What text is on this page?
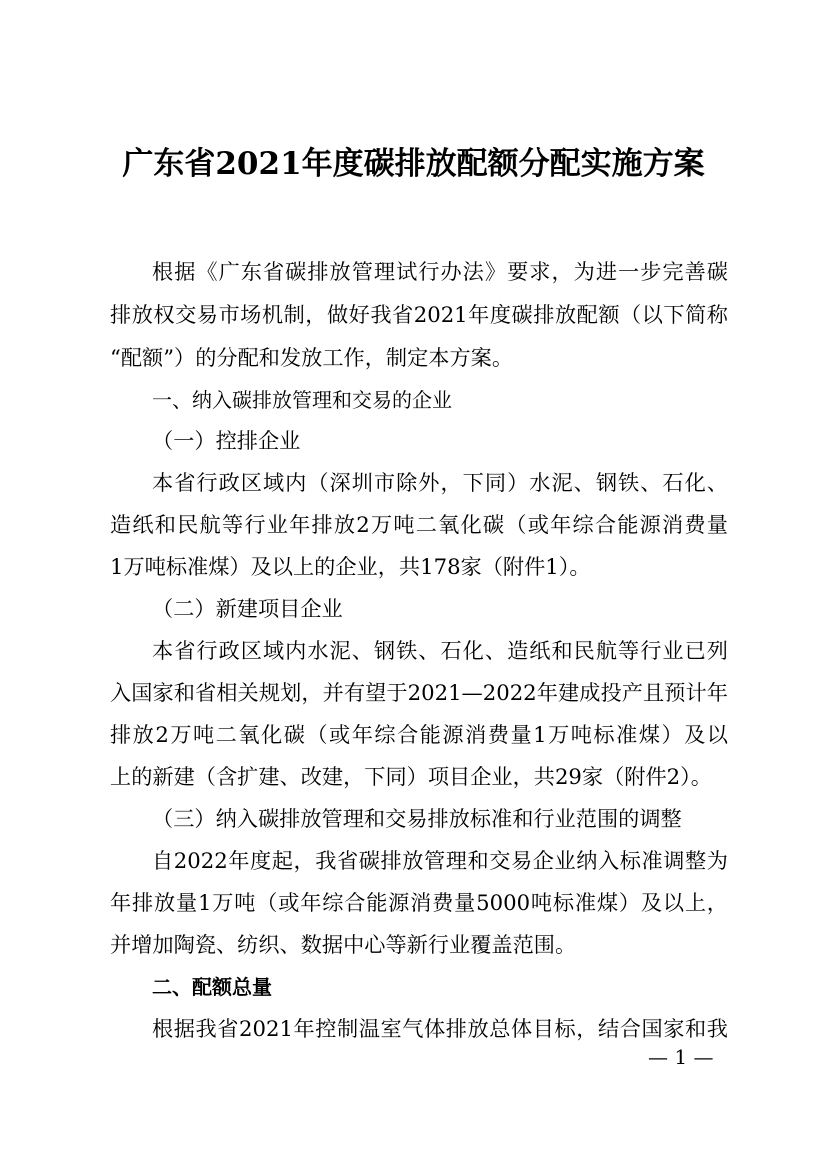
广东省2021年度碳排放配额分配实施方案
根据《广东省碳排放管理试行办法》要求，为进一步完善碳
排放权交易市场机制，做好我省2021年度碳排放配额（以下简称
“配额”）的分配和发放工作，制定本方案。
一、纳入碳排放管理和交易的企业
（一）控排企业
本省行政区域内（深圳市除外，下同）水泥、钢铁、石化、
造纸和民航等行业年排放2万吨二氧化碳（或年综合能源消费量
1万吨标准煤）及以上的企业，共178家（附件1）。
（二）新建项目企业
本省行政区域内水泥、钢铁、石化、造纸和民航等行业已列
入国家和省相关规划，并有望于2021—2022年建成投产且预计年
排放2万吨二氧化碳（或年综合能源消费量1万吨标准煤）及以
上的新建（含扩建、改建，下同）项目企业，共29家（附件2）。
（三）纳入碳排放管理和交易排放标准和行业范围的调整
自2022年度起，我省碳排放管理和交易企业纳入标准调整为
年排放量1万吨（或年综合能源消费量5000吨标准煤）及以上，
并增加陶瓷、纺织、数据中心等新行业覆盖范围。
二、配额总量
根据我省2021年控制温室气体排放总体目标，结合国家和我
— 1 —
